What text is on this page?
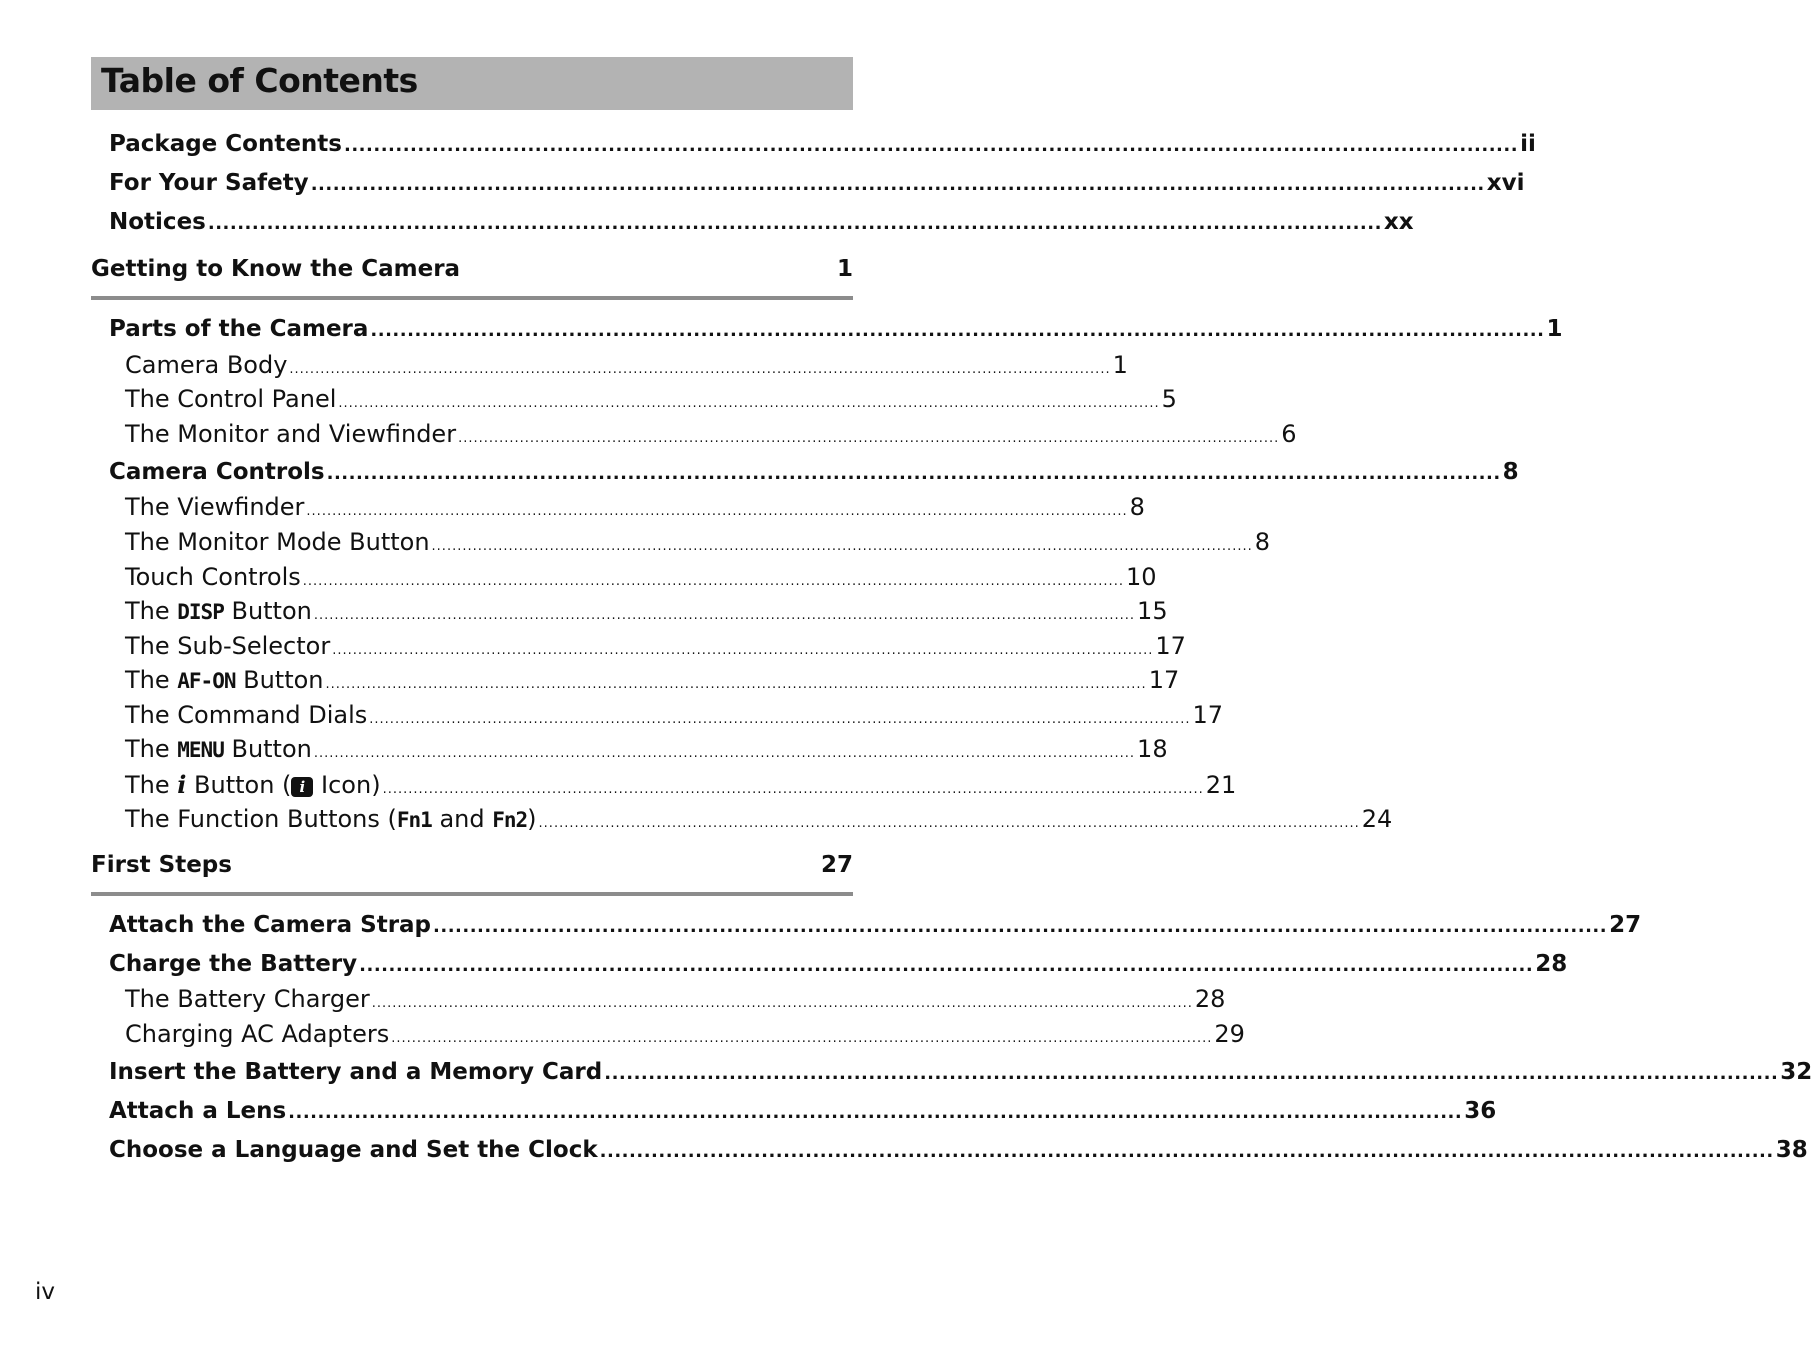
Table of Contents
Package Contents ................................................................................................................................................................ ii
For Your Safety ................................................................................................................................................................ xvi
Notices ................................................................................................................................................................ xx
Getting to Know the Camera	1
Parts of the Camera ................................................................................................................................................................ 1
Camera Body ................................................................................................................................................................ 1
The Control Panel ................................................................................................................................................................ 5
The Monitor and Viewfinder ................................................................................................................................................................ 6
Camera Controls ................................................................................................................................................................ 8
The Viewfinder ................................................................................................................................................................ 8
The Monitor Mode Button ................................................................................................................................................................ 8
Touch Controls ................................................................................................................................................................ 10
The DISP Button ................................................................................................................................................................ 15
The Sub-Selector ................................................................................................................................................................ 17
The AF-ON Button ................................................................................................................................................................ 17
The Command Dials ................................................................................................................................................................ 17
The MENU Button ................................................................................................................................................................ 18
The i Button ( i Icon) ................................................................................................................................................................ 21
The Function Buttons (Fn1 and Fn2) ................................................................................................................................................................ 24
First Steps	27
Attach the Camera Strap ................................................................................................................................................................ 27
Charge the Battery ................................................................................................................................................................ 28
The Battery Charger ................................................................................................................................................................ 28
Charging AC Adapters ................................................................................................................................................................ 29
Insert the Battery and a Memory Card ................................................................................................................................................................ 32
Attach a Lens ................................................................................................................................................................ 36
Choose a Language and Set the Clock ................................................................................................................................................................ 38
iv
